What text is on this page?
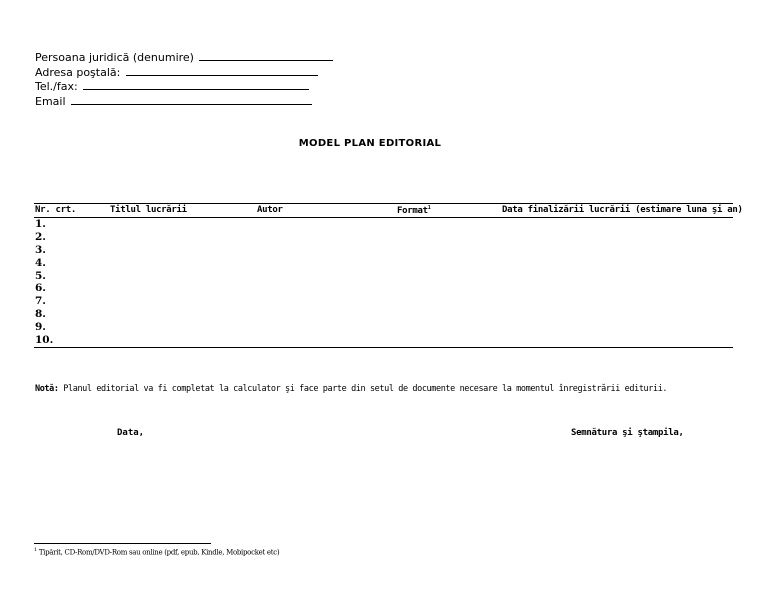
Persoana juridică (denumire)
Adresa poştală:
Tel./fax:
Email
MODEL PLAN EDITORIAL
Nr. crt.	Titlul lucrării	Autor	Format$^1$	Data finalizării lucrării (estimare luna şi an)
1.
2.
3.
4.
5.
6.
7.
8.
9.
10.
Notă: Planul editorial va fi completat la calculator şi face parte din setul de documente necesare la momentul înregistrării editurii.
Data,	Semnătura şi ştampila,
$^1$ Tipărit, CD-Rom/DVD-Rom sau online (pdf, epub, Kindle, Mobipocket etc)
